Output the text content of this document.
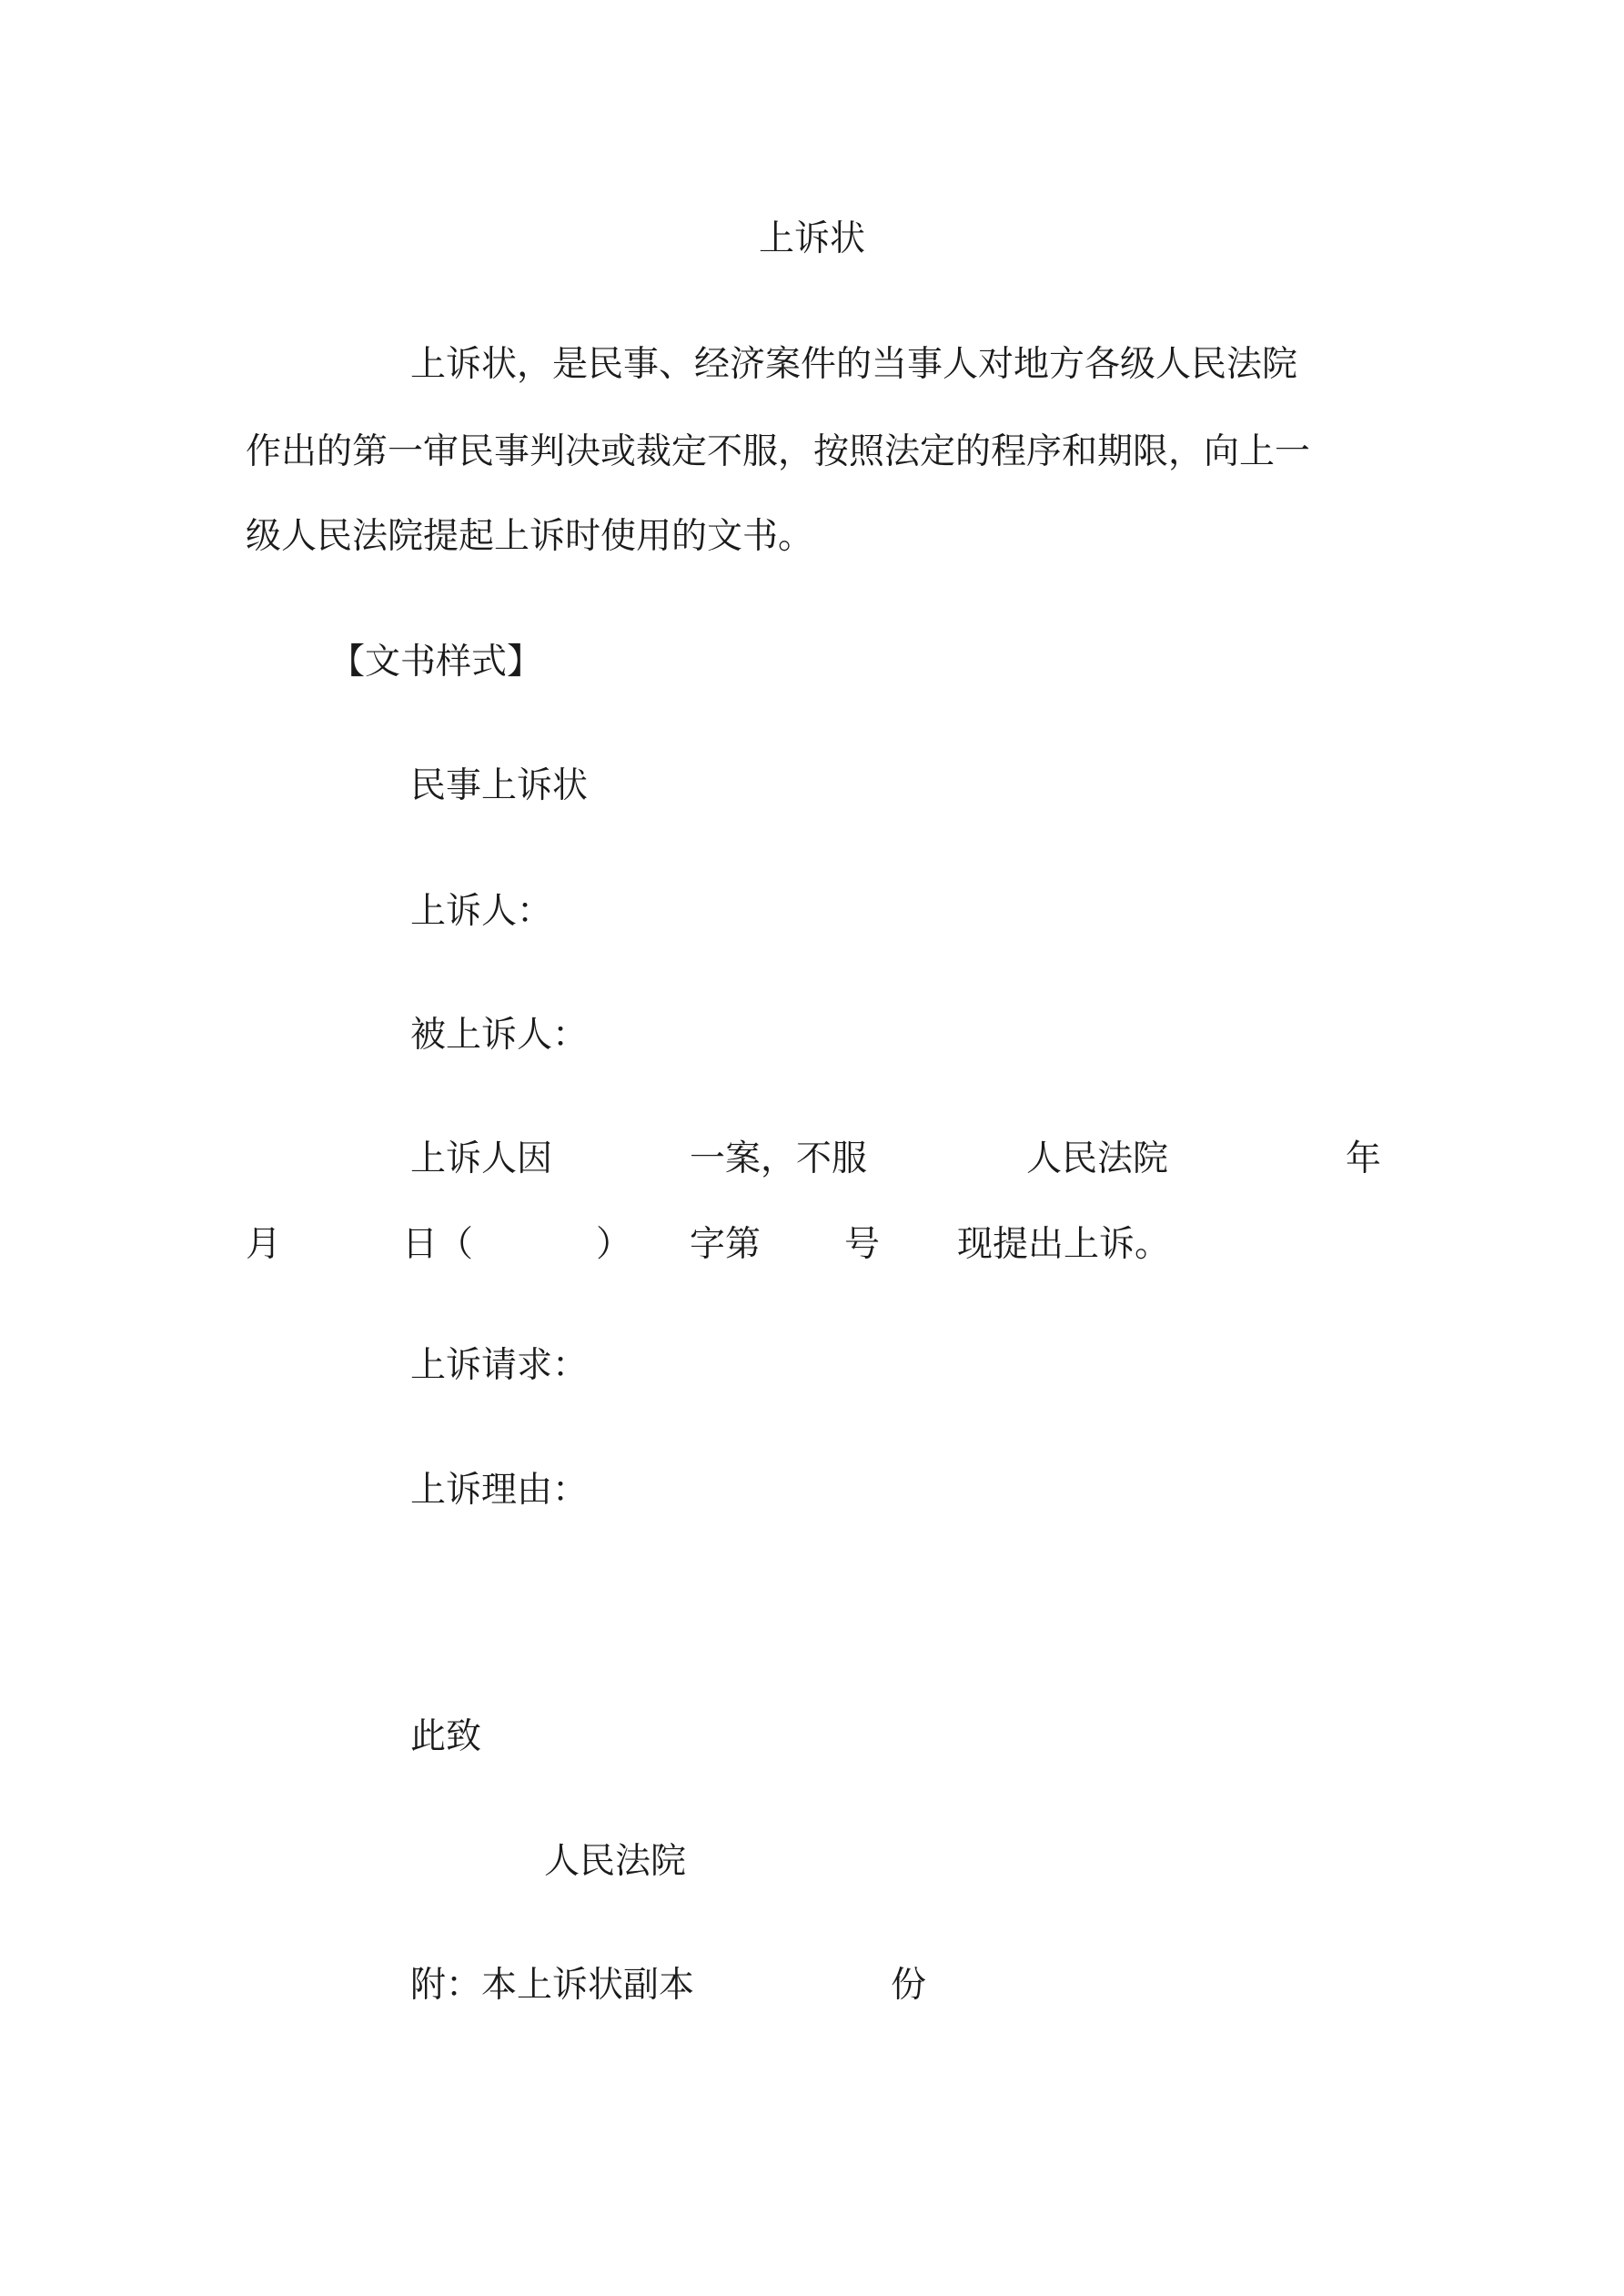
上诉状

上诉状，是民事、经济案件的当事人对地方各级人民法院

作出的第一审民事判决或裁定不服，按照法定的程序和期限，向上一

级人民法院提起上诉时使用的文书。

【文书样式】

民事上诉状

上诉人：

被上诉人：

上诉人因	一案，不服	人民法院	年

月	日（	） 字第 号 现提出上诉。

上诉请求：

上诉理由：

此致

人民法院

附：本上诉状副本	份
